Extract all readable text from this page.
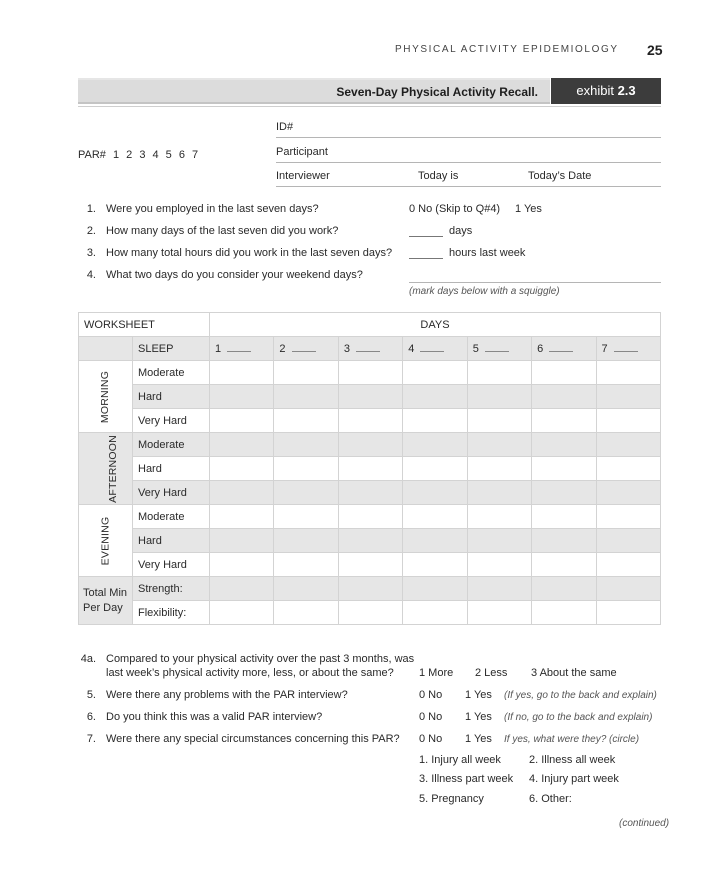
PHYSICAL ACTIVITY EPIDEMIOLOGY 25
Seven-Day Physical Activity Recall.	exhibit 2.3
PAR# 1 2 3 4 5 6 7
ID#
Participant
Interviewer	Today is	Today’s Date
1. Were you employed in the last seven days?	0 No (Skip to Q#4) 1 Yes
2. How many days of the last seven did you work?	days
3. How many total hours did you work in the last seven days?	hours last week
4. What two days do you consider your weekend days?
(mark days below with a squiggle)
WORKSHEET		DAYS						
	SLEEP	1	2	3	4	5	6	7
MORNING	Moderate							
	Hard							
	Very Hard							
AFTERNOON	Moderate							
	Hard							
	Very Hard							
EVENING	Moderate							
	Hard							
	Very Hard							
Total Min
Per Day	Strength:							
	Flexibility:							
4a. Compared to your physical activity over the past 3 months, was
last week’s physical activity more, less, or about the same? 1 More 2 Less 3 About the same
5. Were there any problems with the PAR interview?	0 No 1 Yes (If yes, go to the back and explain)
6. Do you think this was a valid PAR interview?	0 No 1 Yes (If no, go to the back and explain)
7. Were there any special circumstances concerning this PAR? 0 No 1 Yes If yes, what were they? (circle)
1. Injury all week	2. Illness all week
3. Illness part week 4. Injury part week
5. Pregnancy	6. Other:
(continued)
